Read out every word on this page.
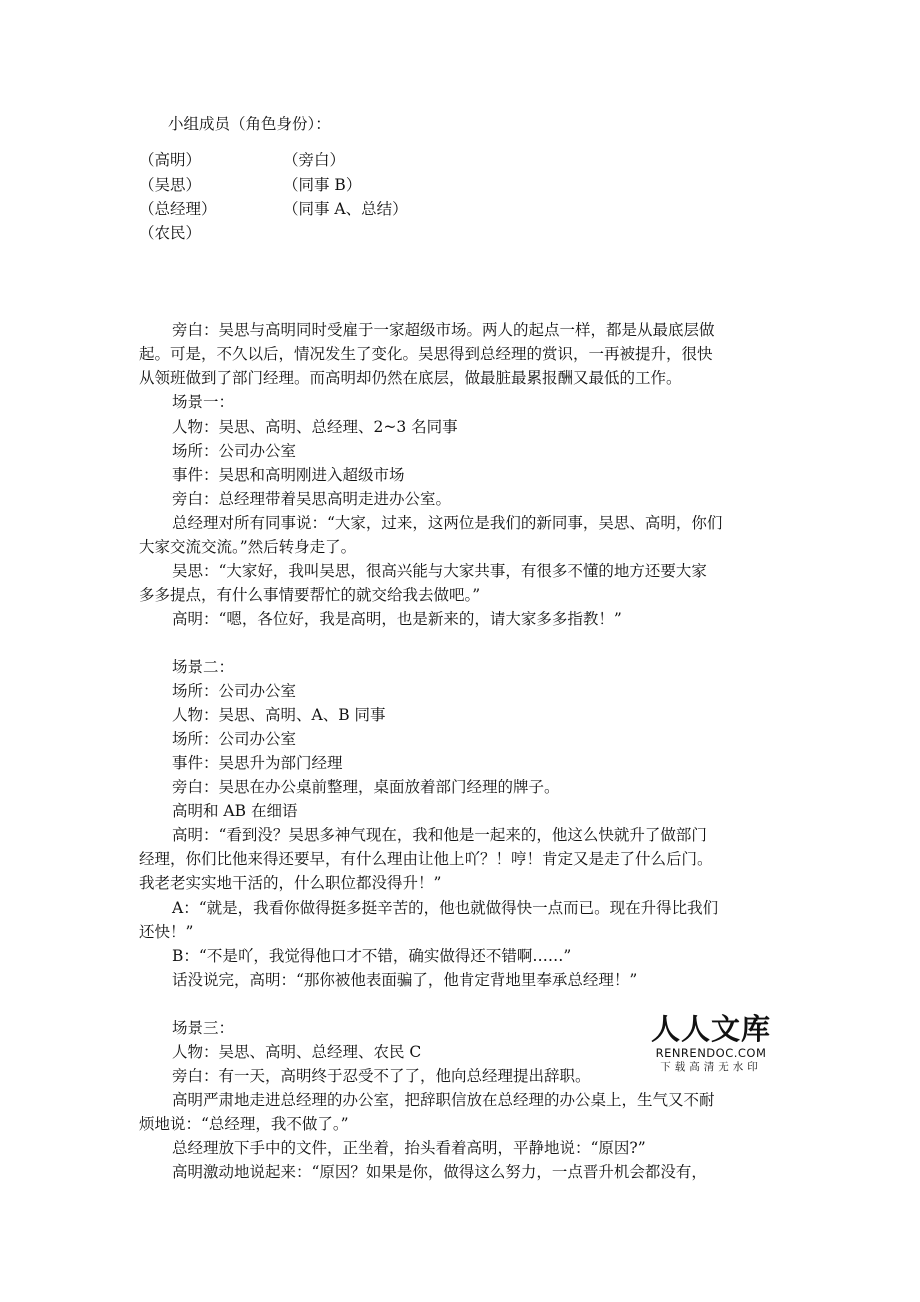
小组成员（角色身份）：
（高明）
（吴思）
（总经理）
（农民）
（旁白）
（同事 B）
（同事 A、总结）
旁白：吴思与高明同时受雇于一家超级市场。两人的起点一样，都是从最底层做
起。可是，不久以后，情况发生了变化。吴思得到总经理的赏识，一再被提升，很快
从领班做到了部门经理。而高明却仍然在底层，做最脏最累报酬又最低的工作。
场景一：
人物：吴思、高明、总经理、2~3 名同事
场所：公司办公室
事件：吴思和高明刚进入超级市场
旁白：总经理带着吴思高明走进办公室。
总经理对所有同事说：“大家，过来，这两位是我们的新同事，吴思、高明，你们
大家交流交流。”然后转身走了。
吴思：“大家好，我叫吴思，很高兴能与大家共事，有很多不懂的地方还要大家
多多提点，有什么事情要帮忙的就交给我去做吧。”
高明：“嗯，各位好，我是高明，也是新来的，请大家多多指教！”
场景二：
场所：公司办公室
人物：吴思、高明、A、B 同事
场所：公司办公室
事件：吴思升为部门经理
旁白：吴思在办公桌前整理，桌面放着部门经理的牌子。
高明和 AB 在细语
高明：“看到没？吴思多神气现在，我和他是一起来的，他这么快就升了做部门
经理，你们比他来得还要早，有什么理由让他上吖？！哼！肯定又是走了什么后门。
我老老实实地干活的，什么职位都没得升！”
A：“就是，我看你做得挺多挺辛苦的，他也就做得快一点而已。现在升得比我们
还快！”
B：“不是吖，我觉得他口才不错，确实做得还不错啊……”
话没说完，高明：“那你被他表面骗了，他肯定背地里奉承总经理！”
场景三：
人物：吴思、高明、总经理、农民 C
旁白：有一天，高明终于忍受不了了，他向总经理提出辞职。
高明严肃地走进总经理的办公室，把辞职信放在总经理的办公桌上，生气又不耐
烦地说：“总经理，我不做了。”
总经理放下手中的文件，正坐着，抬头看着高明，平静地说：“原因?”
高明激动地说起来：“原因？如果是你，做得这么努力，一点晋升机会都没有，
人人文库
RENRENDOC.COM
下载高清无水印
